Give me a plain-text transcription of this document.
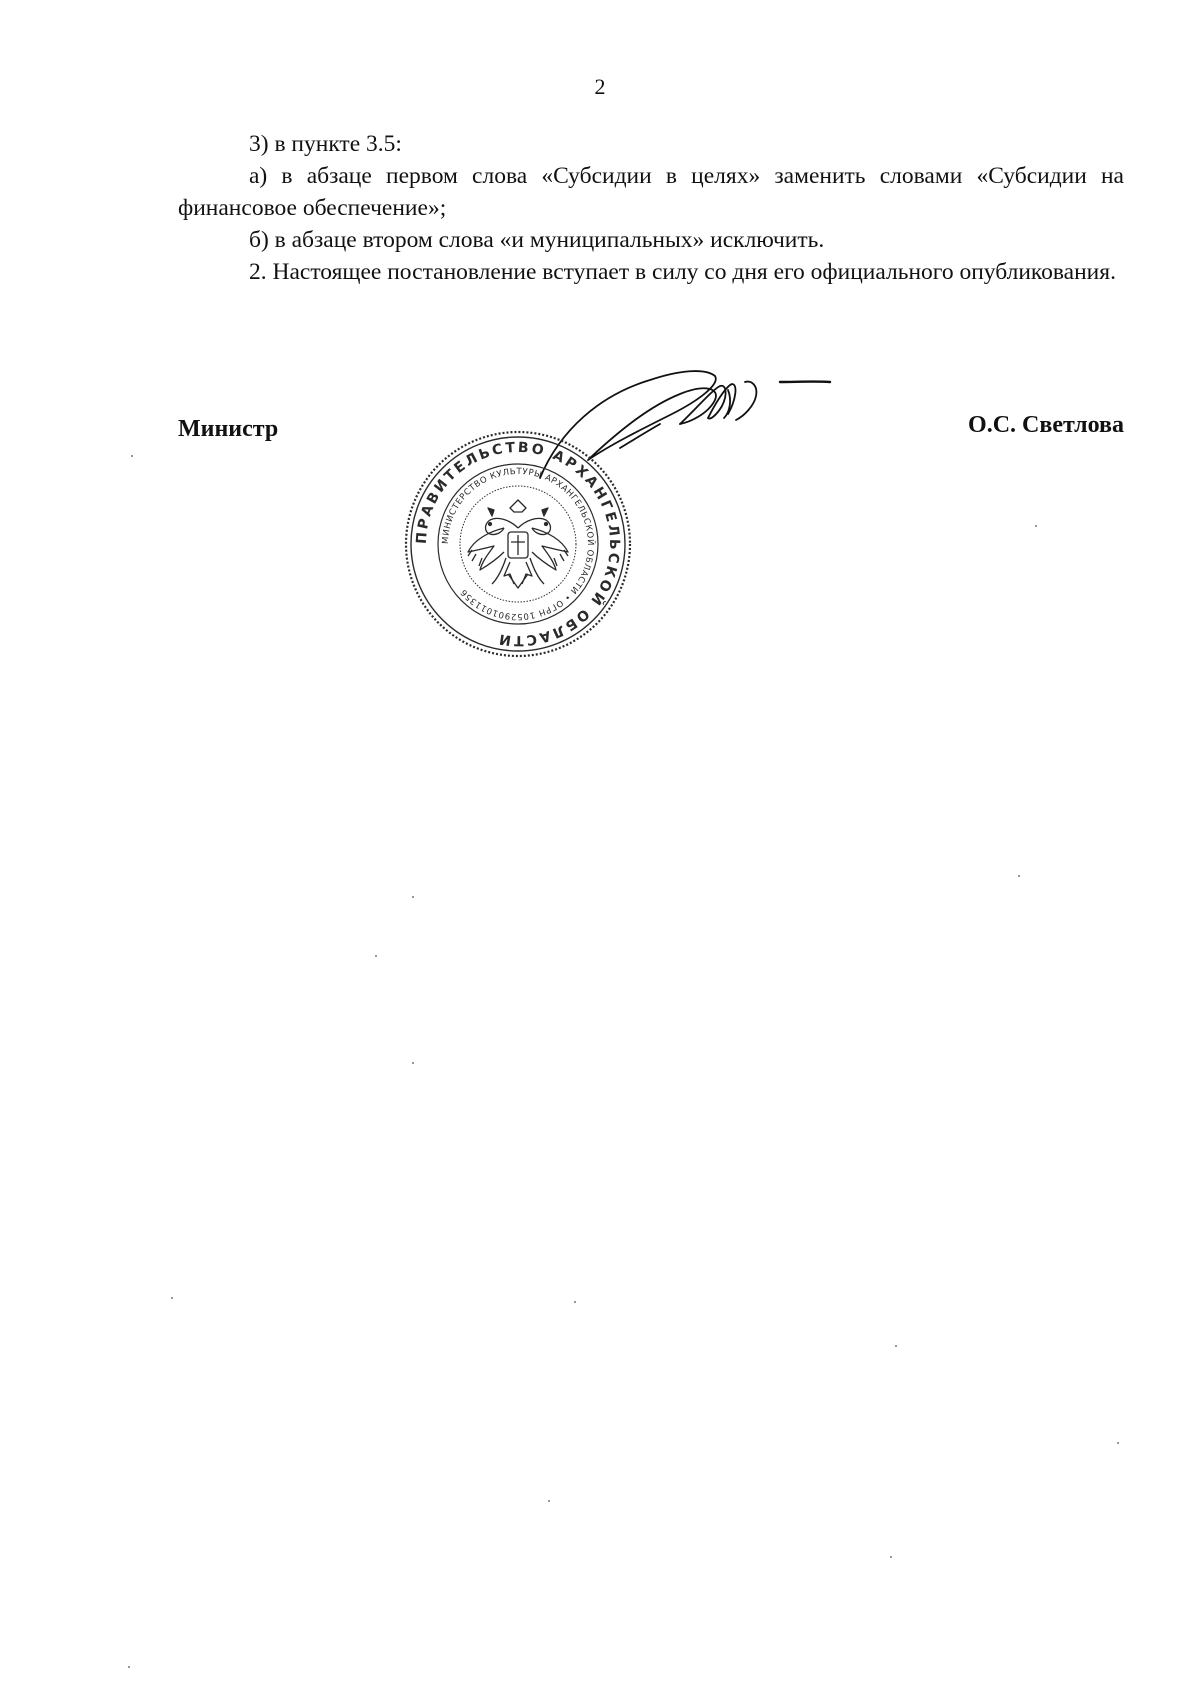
2

3) в пункте 3.5:

а) в абзаце первом слова «Субсидии в целях» заменить словами «Субсидии на финансовое обеспечение»;

б) в абзаце втором слова «и муниципальных» исключить.

2. Настоящее постановление вступает в силу со дня его официального опубликования.

Министр	О.С. Светлова
ПРАВИТЕЛЬСТВО АРХАНГЕЛЬСКОЙ ОБЛАСТИ
МИНИСТЕРСТВО КУЛЬТУРЫ АРХАНГЕЛЬСКОЙ ОБЛАСТИ • ОГРН 1052901011356
